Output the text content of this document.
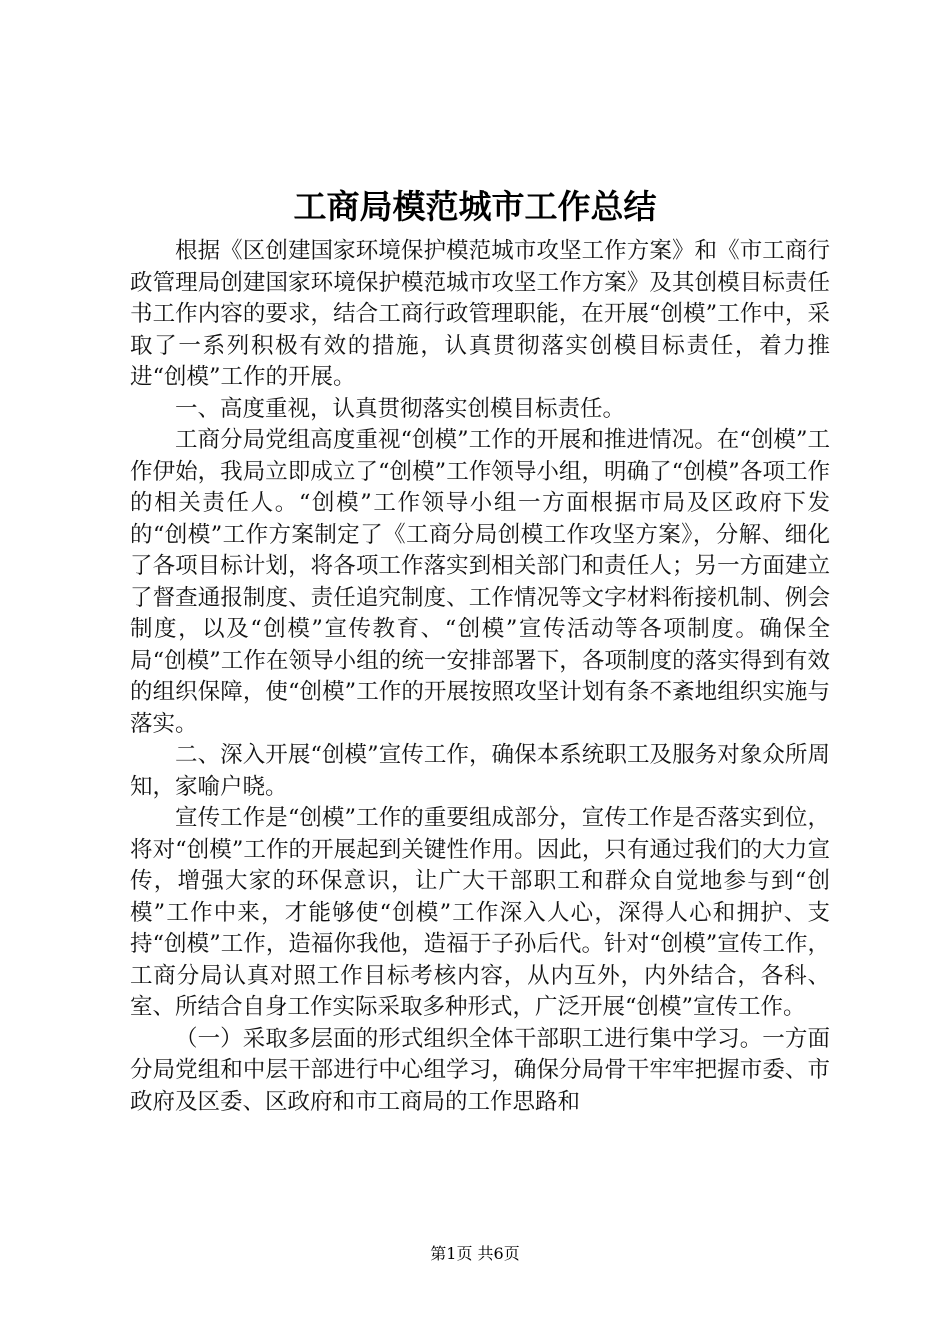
工商局模范城市工作总结

根据《区创建国家环境保护模范城市攻坚工作方案》和《市工商行政管理局创建国家环境保护模范城市攻坚工作方案》及其创模目标责任书工作内容的要求，结合工商行政管理职能，在开展“创模”工作中，采取了一系列积极有效的措施，认真贯彻落实创模目标责任，着力推进“创模”工作的开展。

一、高度重视，认真贯彻落实创模目标责任。

工商分局党组高度重视“创模”工作的开展和推进情况。在“创模”工作伊始，我局立即成立了“创模”工作领导小组，明确了“创模”各项工作的相关责任人。“创模”工作领导小组一方面根据市局及区政府下发的“创模”工作方案制定了《工商分局创模工作攻坚方案》，分解、细化了各项目标计划，将各项工作落实到相关部门和责任人；另一方面建立了督查通报制度、责任追究制度、工作情况等文字材料衔接机制、例会制度，以及“创模”宣传教育、“创模”宣传活动等各项制度。确保全局“创模”工作在领导小组的统一安排部署下，各项制度的落实得到有效的组织保障，使“创模”工作的开展按照攻坚计划有条不紊地组织实施与落实。

二、深入开展“创模”宣传工作，确保本系统职工及服务对象众所周知，家喻户晓。

宣传工作是“创模”工作的重要组成部分，宣传工作是否落实到位，将对“创模”工作的开展起到关键性作用。因此，只有通过我们的大力宣传，增强大家的环保意识，让广大干部职工和群众自觉地参与到“创模”工作中来，才能够使“创模”工作深入人心，深得人心和拥护、支持“创模”工作，造福你我他，造福于子孙后代。针对“创模”宣传工作，工商分局认真对照工作目标考核内容，从内互外，内外结合，各科、室、所结合自身工作实际采取多种形式，广泛开展“创模”宣传工作。

（一）采取多层面的形式组织全体干部职工进行集中学习。一方面分局党组和中层干部进行中心组学习，确保分局骨干牢牢把握市委、市政府及区委、区政府和市工商局的工作思路和

第1页 共6页
